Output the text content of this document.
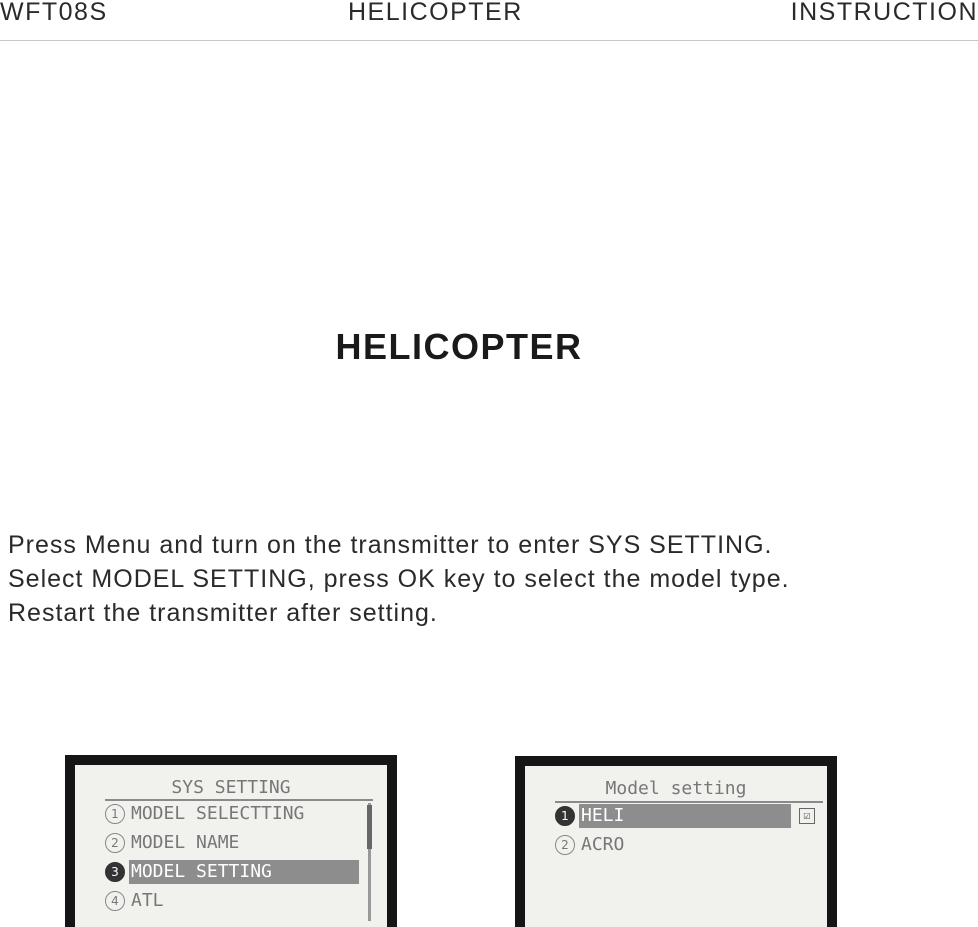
WFT08S	HELICOPTER	INSTRUCTION
HELICOPTER
Press Menu and turn on the transmitter to enter SYS SETTING.
Select MODEL SETTING, press OK key to select the model type.
Restart the transmitter after setting.
SYS SETTING
1 MODEL SELECTTING
2 MODEL NAME
3 MODEL SETTING
4 ATL
Model setting
1 HELI	☑
2 ACRO
